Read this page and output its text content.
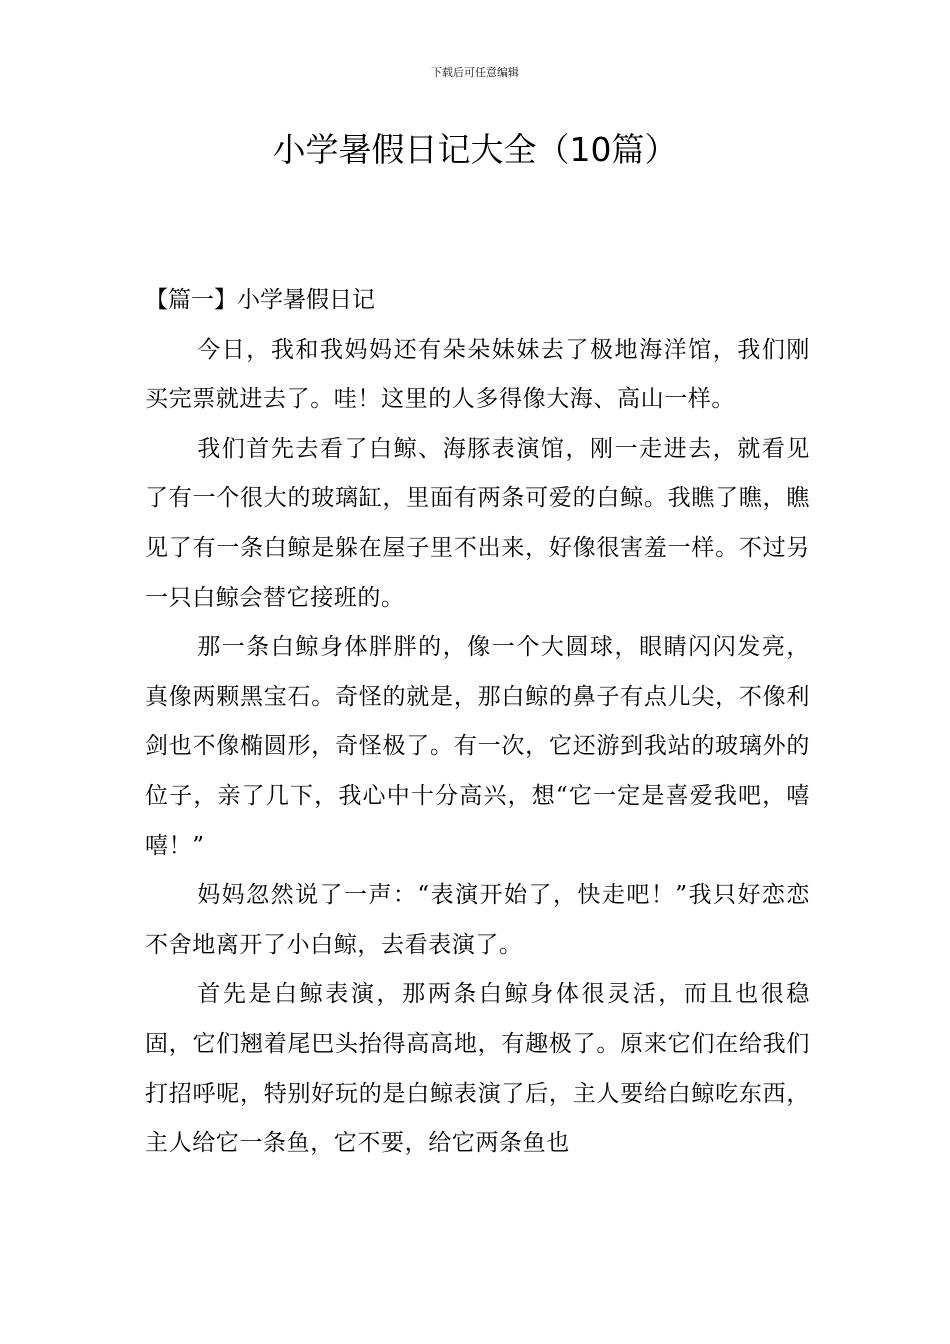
下载后可任意编辑
小学暑假日记大全（10篇）

【篇一】小学暑假日记

今日，我和我妈妈还有朵朵妹妹去了极地海洋馆，我们刚买完票就进去了。哇！这里的人多得像大海、高山一样。

我们首先去看了白鲸、海豚表演馆，刚一走进去，就看见了有一个很大的玻璃缸，里面有两条可爱的白鲸。我瞧了瞧，瞧见了有一条白鲸是躲在屋子里不出来，好像很害羞一样。不过另一只白鲸会替它接班的。

那一条白鲸身体胖胖的，像一个大圆球，眼睛闪闪发亮，真像两颗黑宝石。奇怪的就是，那白鲸的鼻子有点儿尖，不像利剑也不像椭圆形，奇怪极了。有一次，它还游到我站的玻璃外的位子，亲了几下，我心中十分高兴，想“它一定是喜爱我吧，嘻嘻！”

妈妈忽然说了一声：“表演开始了，快走吧！”我只好恋恋不舍地离开了小白鲸，去看表演了。

首先是白鲸表演，那两条白鲸身体很灵活，而且也很稳固，它们翘着尾巴头抬得高高地，有趣极了。原来它们在给我们打招呼呢，特别好玩的是白鲸表演了后，主人要给白鲸吃东西，主人给它一条鱼，它不要，给它两条鱼也
